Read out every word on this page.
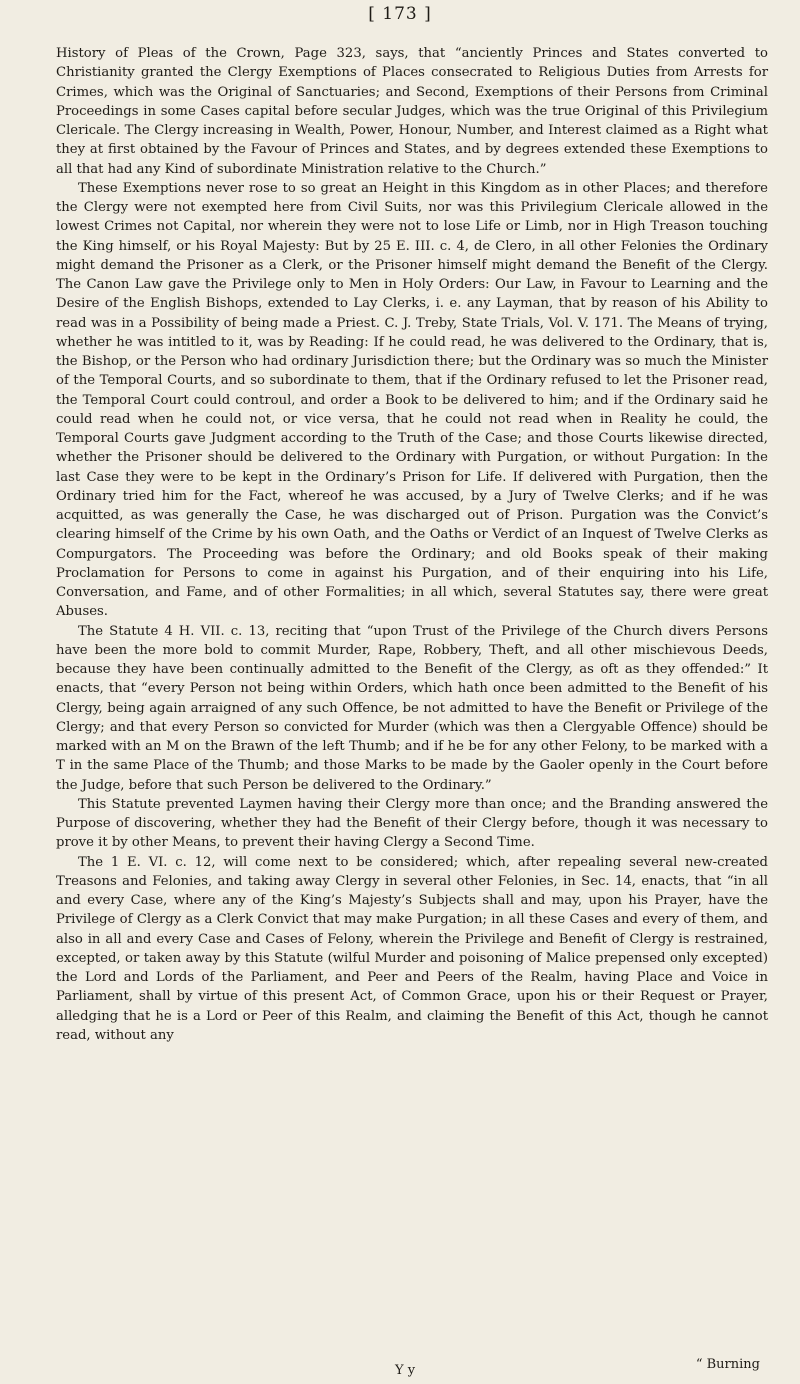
[ 173 ]

History of Pleas of the Crown, Page 323, says, that “anciently Princes and States converted to Christianity granted the Clergy Exemptions of Places consecrated to Religious Duties from Arrests for Crimes, which was the Original of Sanctuaries; and Second, Exemptions of their Persons from Criminal Proceedings in some Cases capital before secular Judges, which was the true Original of this Privilegium Clericale. The Clergy increasing in Wealth, Power, Honour, Number, and Interest claimed as a Right what they at first obtained by the Favour of Princes and States, and by degrees extended these Exemptions to all that had any Kind of subordinate Ministration relative to the Church.”

These Exemptions never rose to so great an Height in this Kingdom as in other Places; and therefore the Clergy were not exempted here from Civil Suits, nor was this Privilegium Clericale allowed in the lowest Crimes not Capital, nor wherein they were not to lose Life or Limb, nor in High Treason touching the King himself, or his Royal Majesty: But by 25 E. III. c. 4, de Clero, in all other Felonies the Ordinary might demand the Prisoner as a Clerk, or the Prisoner himself might demand the Benefit of the Clergy. The Canon Law gave the Privilege only to Men in Holy Orders: Our Law, in Favour to Learning and the Desire of the English Bishops, extended to Lay Clerks, i. e. any Layman, that by reason of his Ability to read was in a Possibility of being made a Priest. C. J. Treby, State Trials, Vol. V. 171. The Means of trying, whether he was intitled to it, was by Reading: If he could read, he was delivered to the Ordinary, that is, the Bishop, or the Person who had ordinary Jurisdiction there; but the Ordinary was so much the Minister of the Temporal Courts, and so subordinate to them, that if the Ordinary refused to let the Prisoner read, the Temporal Court could controul, and order a Book to be delivered to him; and if the Ordinary said he could read when he could not, or vice versa, that he could not read when in Reality he could, the Temporal Courts gave Judgment according to the Truth of the Case; and those Courts likewise directed, whether the Prisoner should be delivered to the Ordinary with Purgation, or without Purgation: In the last Case they were to be kept in the Ordinary’s Prison for Life. If delivered with Purgation, then the Ordinary tried him for the Fact, whereof he was accused, by a Jury of Twelve Clerks; and if he was acquitted, as was generally the Case, he was discharged out of Prison. Purgation was the Convict’s clearing himself of the Crime by his own Oath, and the Oaths or Verdict of an Inquest of Twelve Clerks as Compurgators. The Proceeding was before the Ordinary; and old Books speak of their making Proclamation for Persons to come in against his Purgation, and of their enquiring into his Life, Conversation, and Fame, and of other Formalities; in all which, several Statutes say, there were great Abuses.

The Statute 4 H. VII. c. 13, reciting that “upon Trust of the Privilege of the Church divers Persons have been the more bold to commit Murder, Rape, Robbery, Theft, and all other mischievous Deeds, because they have been continually admitted to the Benefit of the Clergy, as oft as they offended:” It enacts, that “every Person not being within Orders, which hath once been admitted to the Benefit of his Clergy, being again arraigned of any such Offence, be not admitted to have the Benefit or Privilege of the Clergy; and that every Person so convicted for Murder (which was then a Clergyable Offence) should be marked with an M on the Brawn of the left Thumb; and if he be for any other Felony, to be marked with a T in the same Place of the Thumb; and those Marks to be made by the Gaoler openly in the Court before the Judge, before that such Person be delivered to the Ordinary.”

This Statute prevented Laymen having their Clergy more than once; and the Branding answered the Purpose of discovering, whether they had the Benefit of their Clergy before, though it was necessary to prove it by other Means, to prevent their having Clergy a Second Time.

The 1 E. VI. c. 12, will come next to be considered; which, after repealing several new-created Treasons and Felonies, and taking away Clergy in several other Felonies, in Sec. 14, enacts, that “in all and every Case, where any of the King’s Majesty’s Subjects shall and may, upon his Prayer, have the Privilege of Clergy as a Clerk Convict that may make Purgation; in all these Cases and every of them, and also in all and every Case and Cases of Felony, wherein the Privilege and Benefit of Clergy is restrained, excepted, or taken away by this Statute (wilful Murder and poisoning of Malice prepensed only excepted) the Lord and Lords of the Parliament, and Peer and Peers of the Realm, having Place and Voice in Parliament, shall by virtue of this present Act, of Common Grace, upon his or their Request or Prayer, alledging that he is a Lord or Peer of this Realm, and claiming the Benefit of this Act, though he cannot read, without any

Y y	“ Burning
